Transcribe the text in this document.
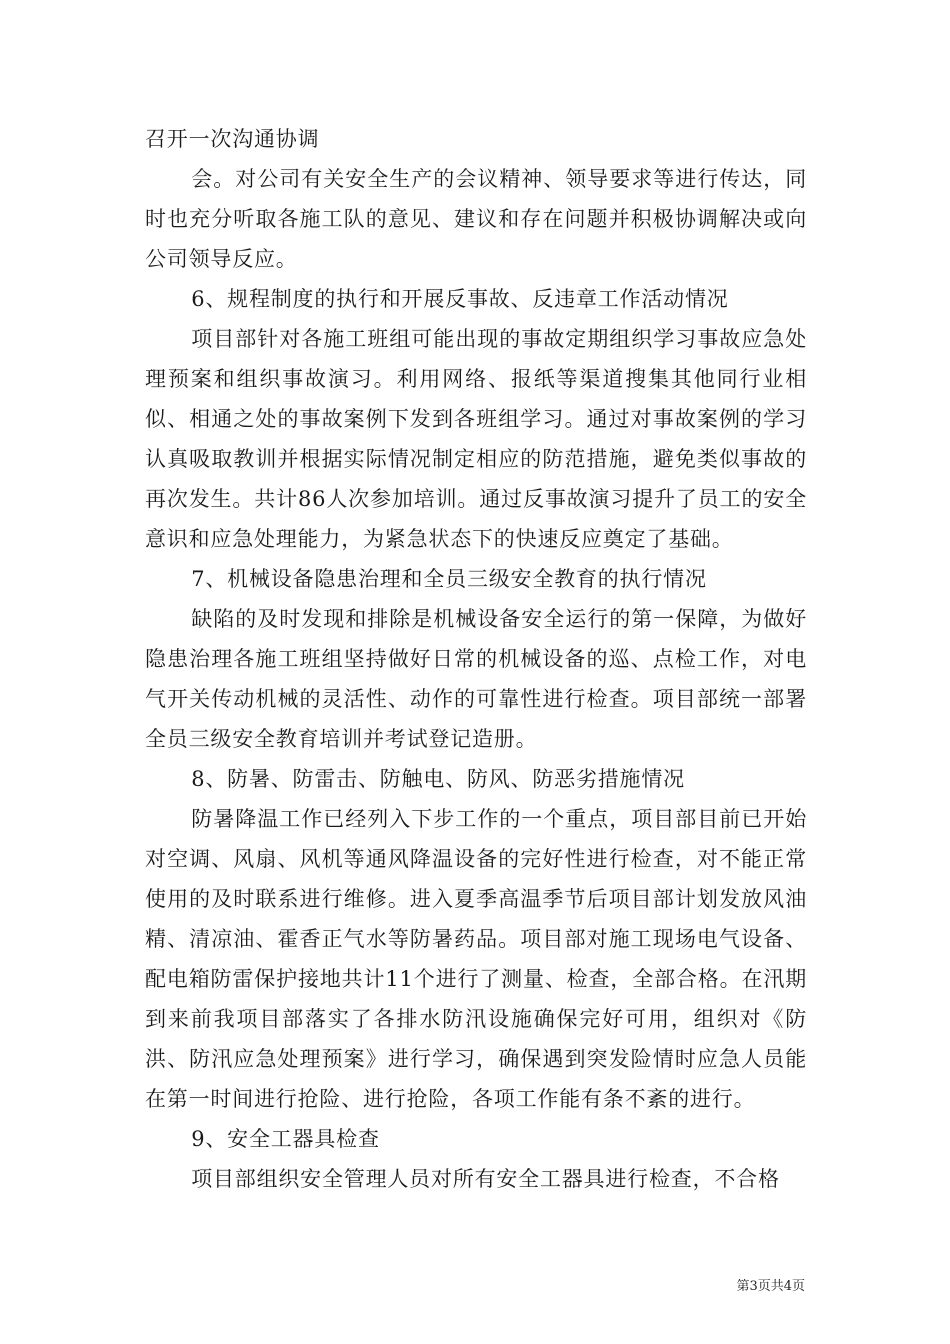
召开一次沟通协调

会。对公司有关安全生产的会议精神、领导要求等进行传达，同时也充分听取各施工队的意见、建议和存在问题并积极协调解决或向公司领导反应。

6、规程制度的执行和开展反事故、反违章工作活动情况

项目部针对各施工班组可能出现的事故定期组织学习事故应急处理预案和组织事故演习。利用网络、报纸等渠道搜集其他同行业相似、相通之处的事故案例下发到各班组学习。通过对事故案例的学习认真吸取教训并根据实际情况制定相应的防范措施，避免类似事故的再次发生。共计86人次参加培训。通过反事故演习提升了员工的安全意识和应急处理能力，为紧急状态下的快速反应奠定了基础。

7、机械设备隐患治理和全员三级安全教育的执行情况

缺陷的及时发现和排除是机械设备安全运行的第一保障，为做好隐患治理各施工班组坚持做好日常的机械设备的巡、点检工作，对电气开关传动机械的灵活性、动作的可靠性进行检查。项目部统一部署全员三级安全教育培训并考试登记造册。

8、防暑、防雷击、防触电、防风、防恶劣措施情况

防暑降温工作已经列入下步工作的一个重点，项目部目前已开始对空调、风扇、风机等通风降温设备的完好性进行检查，对不能正常使用的及时联系进行维修。进入夏季高温季节后项目部计划发放风油精、清凉油、霍香正气水等防暑药品。项目部对施工现场电气设备、配电箱防雷保护接地共计11个进行了测量、检查，全部合格。在汛期到来前我项目部落实了各排水防汛设施确保完好可用，组织对《防洪、防汛应急处理预案》进行学习，确保遇到突发险情时应急人员能在第一时间进行抢险、进行抢险，各项工作能有条不紊的进行。

9、安全工器具检查

项目部组织安全管理人员对所有安全工器具进行检查，不合格

第3页共4页
